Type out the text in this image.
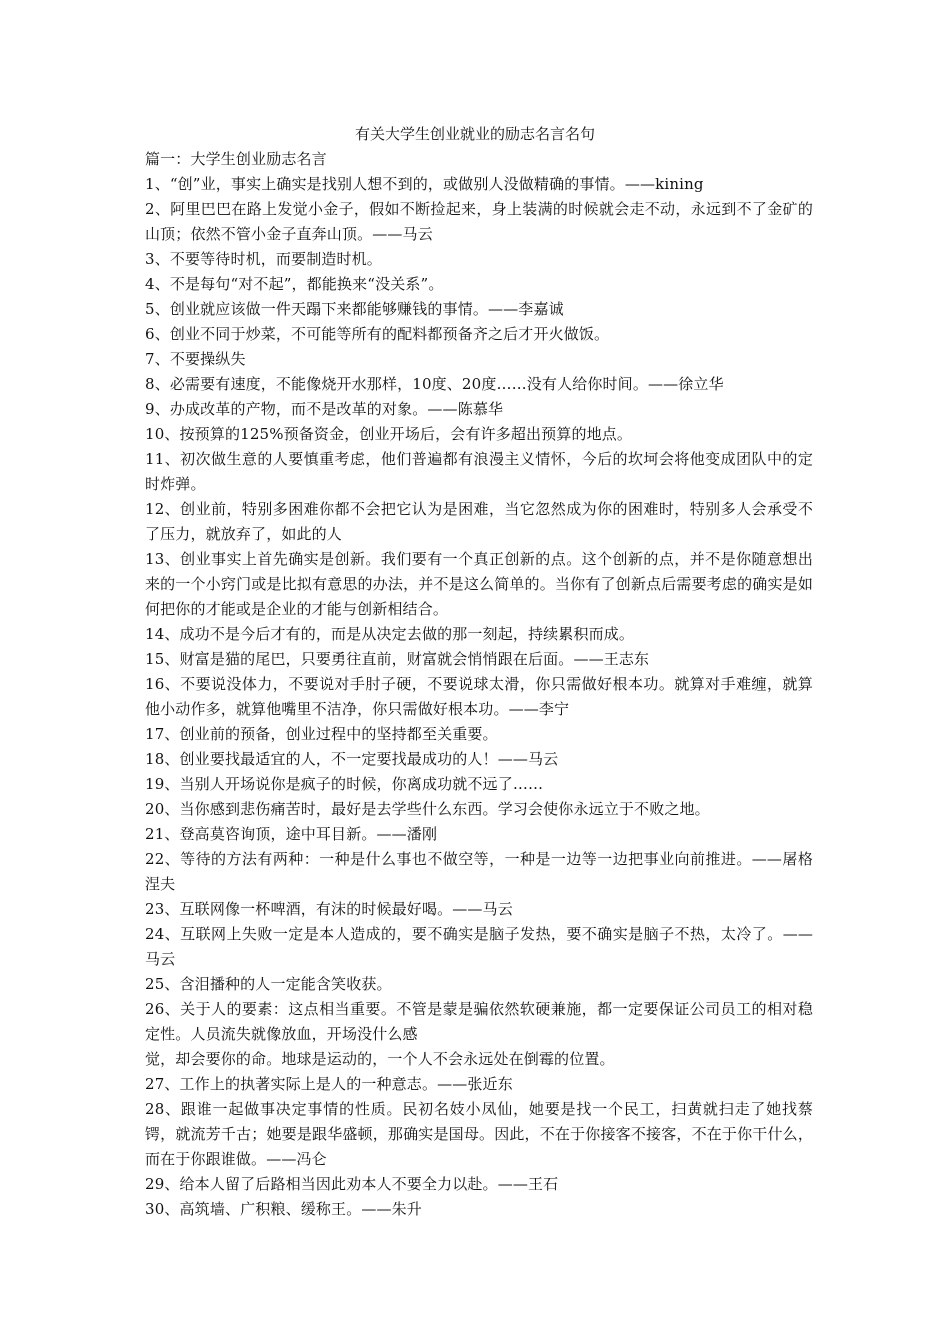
有关大学生创业就业的励志名言名句
篇一：大学生创业励志名言
1、“创”业，事实上确实是找别人想不到的，或做别人没做精确的事情。——kining
2、阿里巴巴在路上发觉小金子，假如不断捡起来，身上装满的时候就会走不动，永远到不了金矿的山顶；依然不管小金子直奔山顶。——马云
3、不要等待时机，而要制造时机。
4、不是每句“对不起”，都能换来“没关系”。
5、创业就应该做一件天蹋下来都能够赚钱的事情。——李嘉诚
6、创业不同于炒菜，不可能等所有的配料都预备齐之后才开火做饭。
7、不要操纵失
8、必需要有速度，不能像烧开水那样，10度、20度……没有人给你时间。——徐立华
9、办成改革的产物，而不是改革的对象。——陈慕华
10、按预算的125%预备资金，创业开场后，会有许多超出预算的地点。
11、初次做生意的人要慎重考虑，他们普遍都有浪漫主义情怀，今后的坎坷会将他变成团队中的定时炸弹。
12、创业前，特别多困难你都不会把它认为是困难，当它忽然成为你的困难时，特别多人会承受不了压力，就放弃了，如此的人
13、创业事实上首先确实是创新。我们要有一个真正创新的点。这个创新的点，并不是你随意想出来的一个小窍门或是比拟有意思的办法，并不是这么简单的。当你有了创新点后需要考虑的确实是如何把你的才能或是企业的才能与创新相结合。
14、成功不是今后才有的，而是从决定去做的那一刻起，持续累积而成。
15、财富是猫的尾巴，只要勇往直前，财富就会悄悄跟在后面。——王志东
16、不要说没体力，不要说对手肘子硬，不要说球太滑，你只需做好根本功。就算对手难缠，就算他小动作多，就算他嘴里不洁净，你只需做好根本功。——李宁
17、创业前的预备，创业过程中的坚持都至关重要。
18、创业要找最适宜的人，不一定要找最成功的人！——马云
19、当别人开场说你是疯子的时候，你离成功就不远了……
20、当你感到悲伤痛苦时，最好是去学些什么东西。学习会使你永远立于不败之地。
21、登高莫咨询顶，途中耳目新。——潘刚
22、等待的方法有两种：一种是什么事也不做空等，一种是一边等一边把事业向前推进。——屠格涅夫
23、互联网像一杯啤酒，有沫的时候最好喝。——马云
24、互联网上失败一定是本人造成的，要不确实是脑子发热，要不确实是脑子不热，太冷了。——马云
25、含泪播种的人一定能含笑收获。
26、关于人的要素：这点相当重要。不管是蒙是骗依然软硬兼施，都一定要保证公司员工的相对稳定性。人员流失就像放血，开场没什么感
觉，却会要你的命。地球是运动的，一个人不会永远处在倒霉的位置。
27、工作上的执著实际上是人的一种意志。——张近东
28、跟谁一起做事决定事情的性质。民初名妓小凤仙，她要是找一个民工，扫黄就扫走了她找蔡锷，就流芳千古；她要是跟华盛顿，那确实是国母。因此，不在于你接客不接客，不在于你干什么，而在于你跟谁做。——冯仑
29、给本人留了后路相当因此劝本人不要全力以赴。——王石
30、高筑墙、广积粮、缓称王。——朱升
